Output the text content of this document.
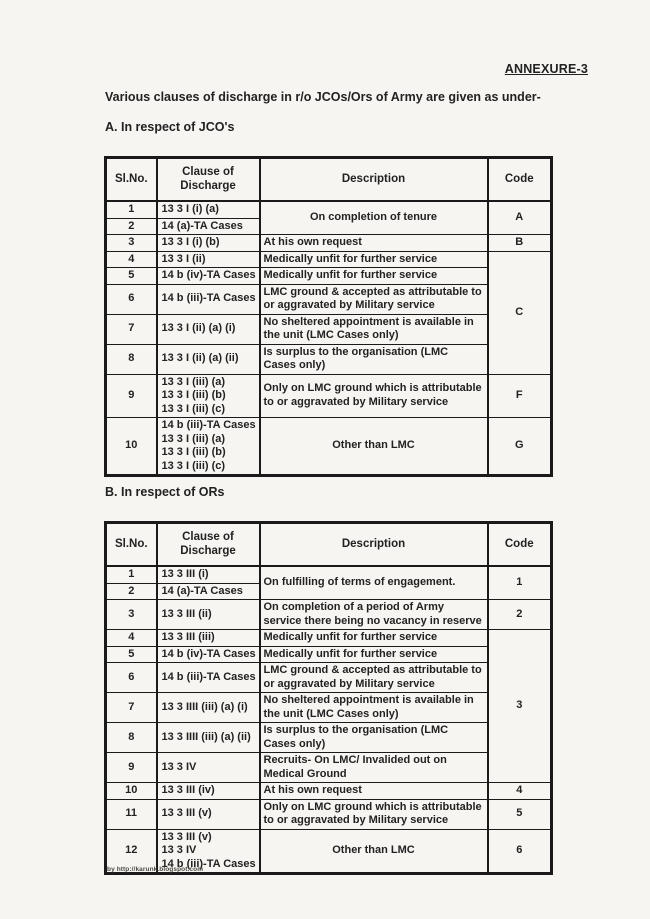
ANNEXURE-3
Various clauses of discharge in r/o JCOs/Ors of Army are given as under-
A. In respect of JCO's
Sl.No.	Clause of Discharge	Description	Code
1	13 3 I (i) (a)	On completion of tenure	A
2	14 (a)-TA Cases		

3	13 3 I (i) (b)	At his own request	B
4	13 3 I (ii)	Medically unfit for further service	C
5	14 b (iv)-TA Cases	Medically unfit for further service	
6	14 b (iii)-TA Cases	LMC ground & accepted as attributable to or aggravated by Military service	
7	13 3 I (ii) (a) (i)	No sheltered appointment is available in the unit (LMC Cases only)	
8	13 3 I (ii) (a) (ii)	Is surplus to the organisation (LMC Cases only)	
9	13 3 I (iii) (a)
13 3 I (iii) (b)
13 3 I (iii) (c)	Only on LMC ground which is attributable to or aggravated by Military service	F
10	14 b (iii)-TA Cases
13 3 I (iii) (a)
13 3 I (iii) (b)
13 3 I (iii) (c)	Other than LMC	G
B. In respect of ORs
Sl.No.	Clause of Discharge	Description	Code
1	13 3 III (i)	On fulfilling of terms of engagement.	1
2	14 (a)-TA Cases		

3	13 3 III (ii)	On completion of a period of Army service there being no vacancy in reserve	2
4	13 3 III (iii)	Medically unfit for further service	3
5	14 b (iv)-TA Cases	Medically unfit for further service	
6	14 b (iii)-TA Cases	LMC ground & accepted as attributable to or aggravated by Military service	
7	13 3 IIII (iii) (a) (i)	No sheltered appointment is available in the unit (LMC Cases only)	
8	13 3 IIII (iii) (a) (ii)	Is surplus to the organisation (LMC Cases only)	
9	13 3 IV	Recruits- On LMC/ Invalided out on Medical Ground	
10	13 3 III (iv)	At his own request	4
11	13 3 III (v)	Only on LMC ground which is attributable to or aggravated by Military service	5
12	13 3 III (v)
13 3 IV
14 b (iii)-TA Cases	Other than LMC	6
by http://karunk.blogspot.com
